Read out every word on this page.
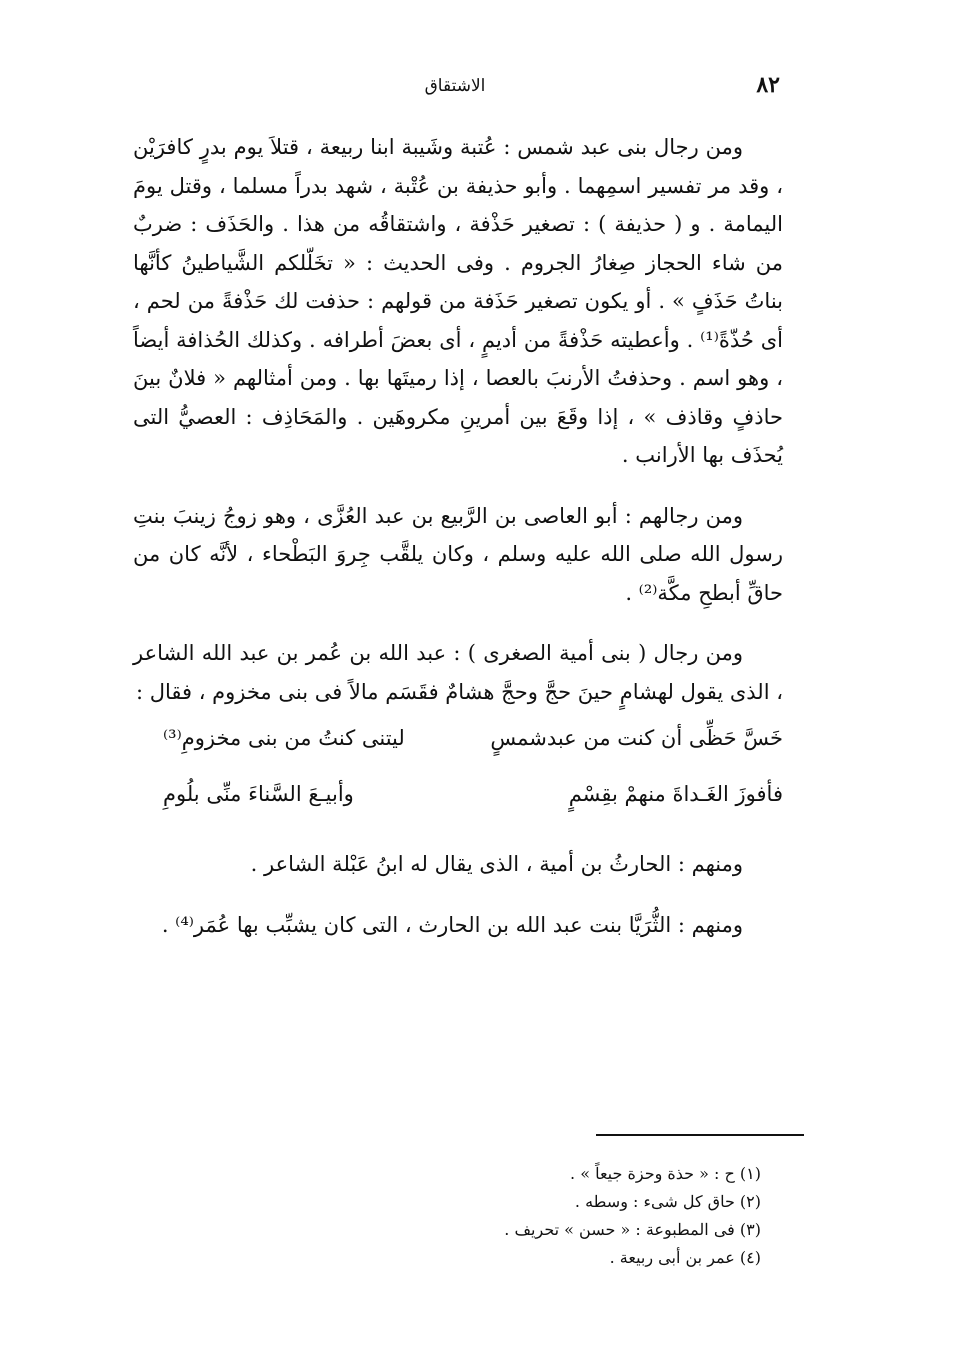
٨٢
الاشتقاق

ومن رجال بنى عبد شمس : عُتبة وشَيبة ابنا ربيعة ، قتلاَ يوم بدرٍ كافرَيْن ، وقد مر تفسير اسمِهما . وأبو حذيفة بن عُتْبة ، شهد بدراً مسلما ، وقتل يومَ اليمامة . و ( حذيفة ) : تصغير حَذْفة ، واشتقاقُه من هذا . والحَذَف : ضربٌ من شاء الحجاز صِغارُ الجروم . وفى الحديث : « تخَلّلكم الشَّياطينُ كأنَّها بناتُ حَذَفٍ » . أو يكون تصغير حَذَفة من قولهم : حذفت لك حَذْفةً من لحم ، أى حُذّةً⁽¹⁾ . وأعطيته حَذْفةً من أديمٍ ، أى بعضَ أطرافه . وكذلك الحُذافة أيضاً ، وهو اسم . وحذفتُ الأرنبَ بالعصا ، إذا رميتَها بها . ومن أمثالهم « فلانٌ بينَ حاذفٍ وقاذف » ، إذا وقَعَ بين أمرينِ مكروهَين . والمَحَاذِف : العصيُّ التى يُحذَف بها الأرانب .

ومن رجالهم : أبو العاصى بن الرَّبيع بن عبد العُزَّى ، وهو زوجُ زينبَ بنتِ رسول الله صلى الله عليه وسلم ، وكان يلقَّب جِروَ البَطْحاء ، لأنَّه كان من حاقِّ أبطحِ مكَّة⁽²⁾ .

ومن رجال ( بنى أمية الصغرى ) : عبد الله بن عُمر بن عبد الله الشاعر ، الذى يقول لهشامٍ حينَ حجَّ وحجَّ هشامٌ فقَسَم مالاً فى بنى مخزوم ، فقال :

خَسَّ حَظِّى أن كنت من عبدشمسٍ
ليتنى كنتُ من بنى مخزومِ⁽³⁾
فأفوزَ الغَـداةَ منهمْ بقِسْمٍ
وأبيـعَ السَّناءَ منِّى بلُومِ

ومنهم : الحارثُ بن أمية ، الذى يقال له ابنُ عَبْلة الشاعر .

ومنهم : الثُّرَيَّا بنت عبد الله بن الحارث ، التى كان يشبِّب بها عُمَر⁽⁴⁾ .

(١) ح : « حذة وحزة جيعاً » .
(٢) حاق كل شىء : وسطه .
(٣) فى المطبوعة : « حسن » تحريف .
(٤) عمر بن أبى ربيعة .
